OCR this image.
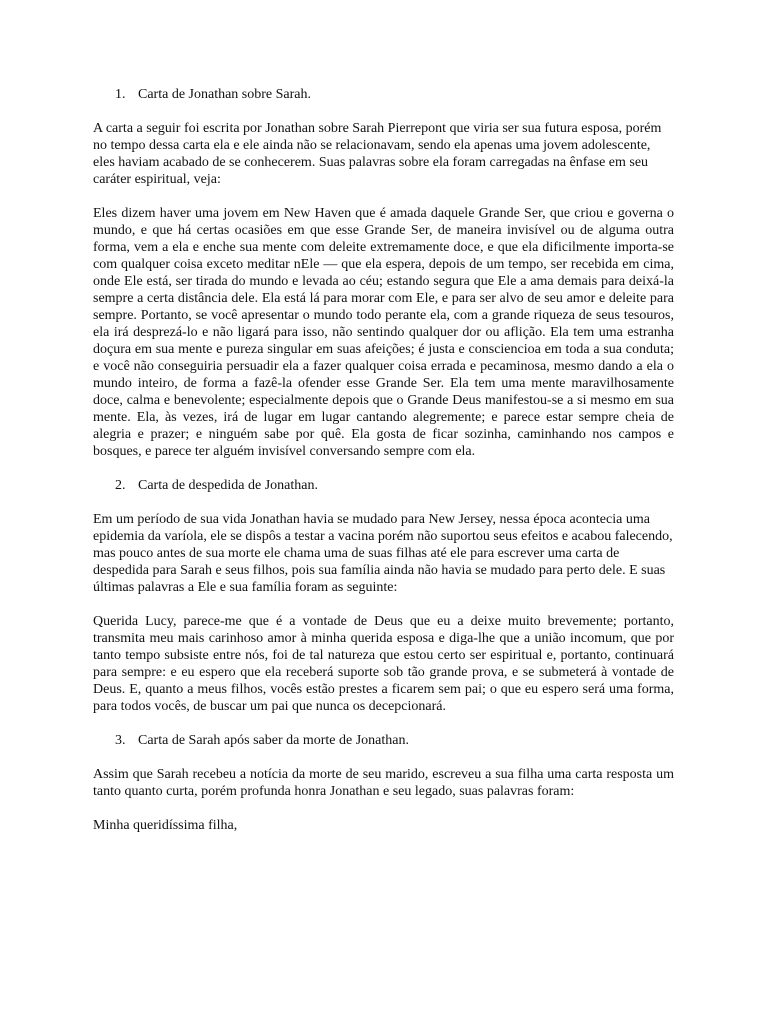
1. Carta de Jonathan sobre Sarah.

A carta a seguir foi escrita por Jonathan sobre Sarah Pierrepont que viria ser sua futura esposa, porém no tempo dessa carta ela e ele ainda não se relacionavam, sendo ela apenas uma jovem adolescente, eles haviam acabado de se conhecerem. Suas palavras sobre ela foram carregadas na ênfase em seu caráter espiritual, veja:

Eles dizem haver uma jovem em New Haven que é amada daquele Grande Ser, que criou e governa o mundo, e que há certas ocasiões em que esse Grande Ser, de maneira invisível ou de alguma outra forma, vem a ela e enche sua mente com deleite extremamente doce, e que ela dificilmente importa-se com qualquer coisa exceto meditar nEle — que ela espera, depois de um tempo, ser recebida em cima, onde Ele está, ser tirada do mundo e levada ao céu; estando segura que Ele a ama demais para deixá-la sempre a certa distância dele. Ela está lá para morar com Ele, e para ser alvo de seu amor e deleite para sempre. Portanto, se você apresentar o mundo todo perante ela, com a grande riqueza de seus tesouros, ela irá desprezá-lo e não ligará para isso, não sentindo qualquer dor ou aflição. Ela tem uma estranha doçura em sua mente e pureza singular em suas afeições; é justa e consciencioa em toda a sua conduta; e você não conseguiria persuadir ela a fazer qualquer coisa errada e pecaminosa, mesmo dando a ela o mundo inteiro, de forma a fazê-la ofender esse Grande Ser. Ela tem uma mente maravilhosamente doce, calma e benevolente; especialmente depois que o Grande Deus manifestou-se a si mesmo em sua mente. Ela, às vezes, irá de lugar em lugar cantando alegremente; e parece estar sempre cheia de alegria e prazer; e ninguém sabe por quê. Ela gosta de ficar sozinha, caminhando nos campos e bosques, e parece ter alguém invisível conversando sempre com ela.

2. Carta de despedida de Jonathan.

Em um período de sua vida Jonathan havia se mudado para New Jersey, nessa época acontecia uma epidemia da varíola, ele se dispôs a testar a vacina porém não suportou seus efeitos e acabou falecendo, mas pouco antes de sua morte ele chama uma de suas filhas até ele para escrever uma carta de despedida para Sarah e seus filhos, pois sua família ainda não havia se mudado para perto dele. E suas últimas palavras a Ele e sua família foram as seguinte:

Querida Lucy, parece-me que é a vontade de Deus que eu a deixe muito brevemente; portanto, transmita meu mais carinhoso amor à minha querida esposa e diga-lhe que a união incomum, que por tanto tempo subsiste entre nós, foi de tal natureza que estou certo ser espiritual e, portanto, continuará para sempre: e eu espero que ela receberá suporte sob tão grande prova, e se submeterá à vontade de Deus. E, quanto a meus filhos, vocês estão prestes a ficarem sem pai; o que eu espero será uma forma, para todos vocês, de buscar um pai que nunca os decepcionará.

3. Carta de Sarah após saber da morte de Jonathan.

Assim que Sarah recebeu a notícia da morte de seu marido, escreveu a sua filha uma carta resposta um tanto quanto curta, porém profunda honra Jonathan e seu legado, suas palavras foram:

Minha queridíssima filha,
